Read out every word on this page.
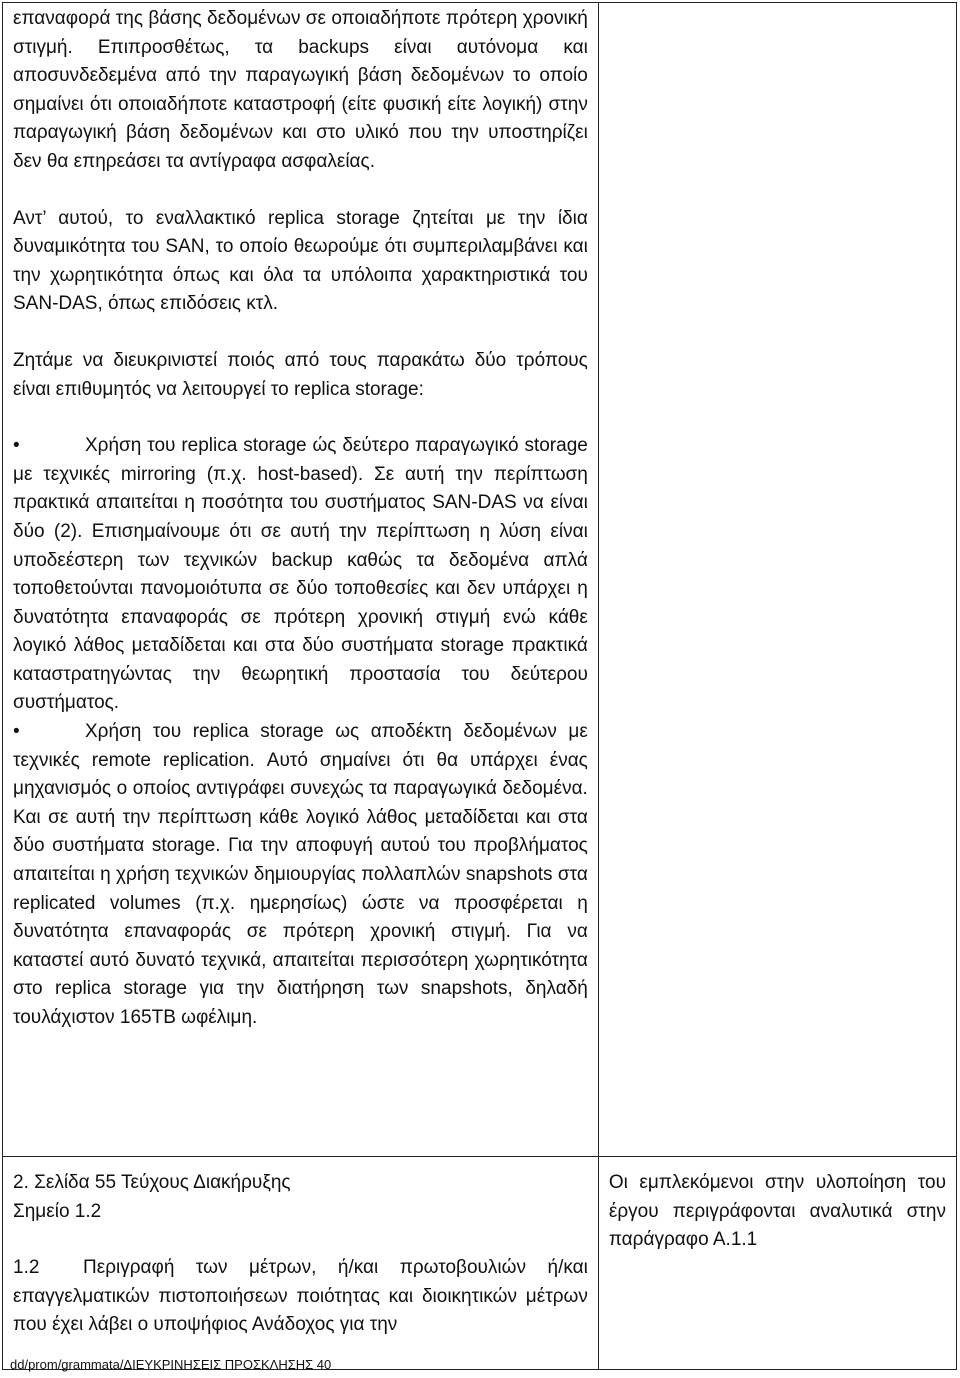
επαναφορά της βάσης δεδομένων σε οποιαδήποτε πρότερη χρονική στιγμή. Επιπροσθέτως, τα backups είναι αυτόνομα και αποσυνδεδεμένα από την παραγωγική βάση δεδομένων το οποίο σημαίνει ότι οποιαδήποτε καταστροφή (είτε φυσική είτε λογική) στην παραγωγική βάση δεδομένων και στο υλικό που την υποστηρίζει δεν θα επηρεάσει τα αντίγραφα ασφαλείας.

Αντ’ αυτού, το εναλλακτικό replica storage ζητείται με την ίδια δυναμικότητα του SAN, το οποίο θεωρούμε ότι συμπεριλαμβάνει και την χωρητικότητα όπως και όλα τα υπόλοιπα χαρακτηριστικά του SAN-DAS, όπως επιδόσεις κτλ.

Ζητάμε να διευκρινιστεί ποιός από τους παρακάτω δύο τρόπους είναι επιθυμητός να λειτουργεί το replica storage:

• Χρήση του replica storage ώς δεύτερο παραγωγικό storage με τεχνικές mirroring (π.χ. host-based). Σε αυτή την περίπτωση πρακτικά απαιτείται η ποσότητα του συστήματος SAN-DAS να είναι δύο (2). Επισημαίνουμε ότι σε αυτή την περίπτωση η λύση είναι υποδεέστερη των τεχνικών backup καθώς τα δεδομένα απλά τοποθετούνται πανομοιότυπα σε δύο τοποθεσίες και δεν υπάρχει η δυνατότητα επαναφοράς σε πρότερη χρονική στιγμή ενώ κάθε λογικό λάθος μεταδίδεται και στα δύο συστήματα storage πρακτικά καταστρατηγώντας την θεωρητική προστασία του δεύτερου συστήματος.

• Χρήση του replica storage ως αποδέκτη δεδομένων με τεχνικές remote replication. Αυτό σημαίνει ότι θα υπάρχει ένας μηχανισμός ο οποίος αντιγράφει συνεχώς τα παραγωγικά δεδομένα. Και σε αυτή την περίπτωση κάθε λογικό λάθος μεταδίδεται και στα δύο συστήματα storage. Για την αποφυγή αυτού του προβλήματος απαιτείται η χρήση τεχνικών δημιουργίας πολλαπλών snapshots στα replicated volumes (π.χ. ημερησίως) ώστε να προσφέρεται η δυνατότητα επαναφοράς σε πρότερη χρονική στιγμή. Για να καταστεί αυτό δυνατό τεχνικά, απαιτείται περισσότερη χωρητικότητα στο replica storage για την διατήρηση των snapshots, δηλαδή τουλάχιστον 165TB ωφέλιμη.	

2. Σελίδα 55 Τεύχους Διακήρυξης

Σημείο 1.2

1.2 Περιγραφή των μέτρων, ή/και πρωτοβουλιών ή/και επαγγελματικών πιστοποιήσεων ποιότητας και διοικητικών μέτρων που έχει λάβει ο υποψήφιος Ανάδοχος για την	Οι εμπλεκόμενοι στην υλοποίηση του έργου περιγράφονται αναλυτικά στην παράγραφο Α.1.1

dd/prom/grammata/ΔΙΕΥΚΡΙΝΗΣΕΙΣ ΠΡΟΣΚΛΗΣΗΣ 40
